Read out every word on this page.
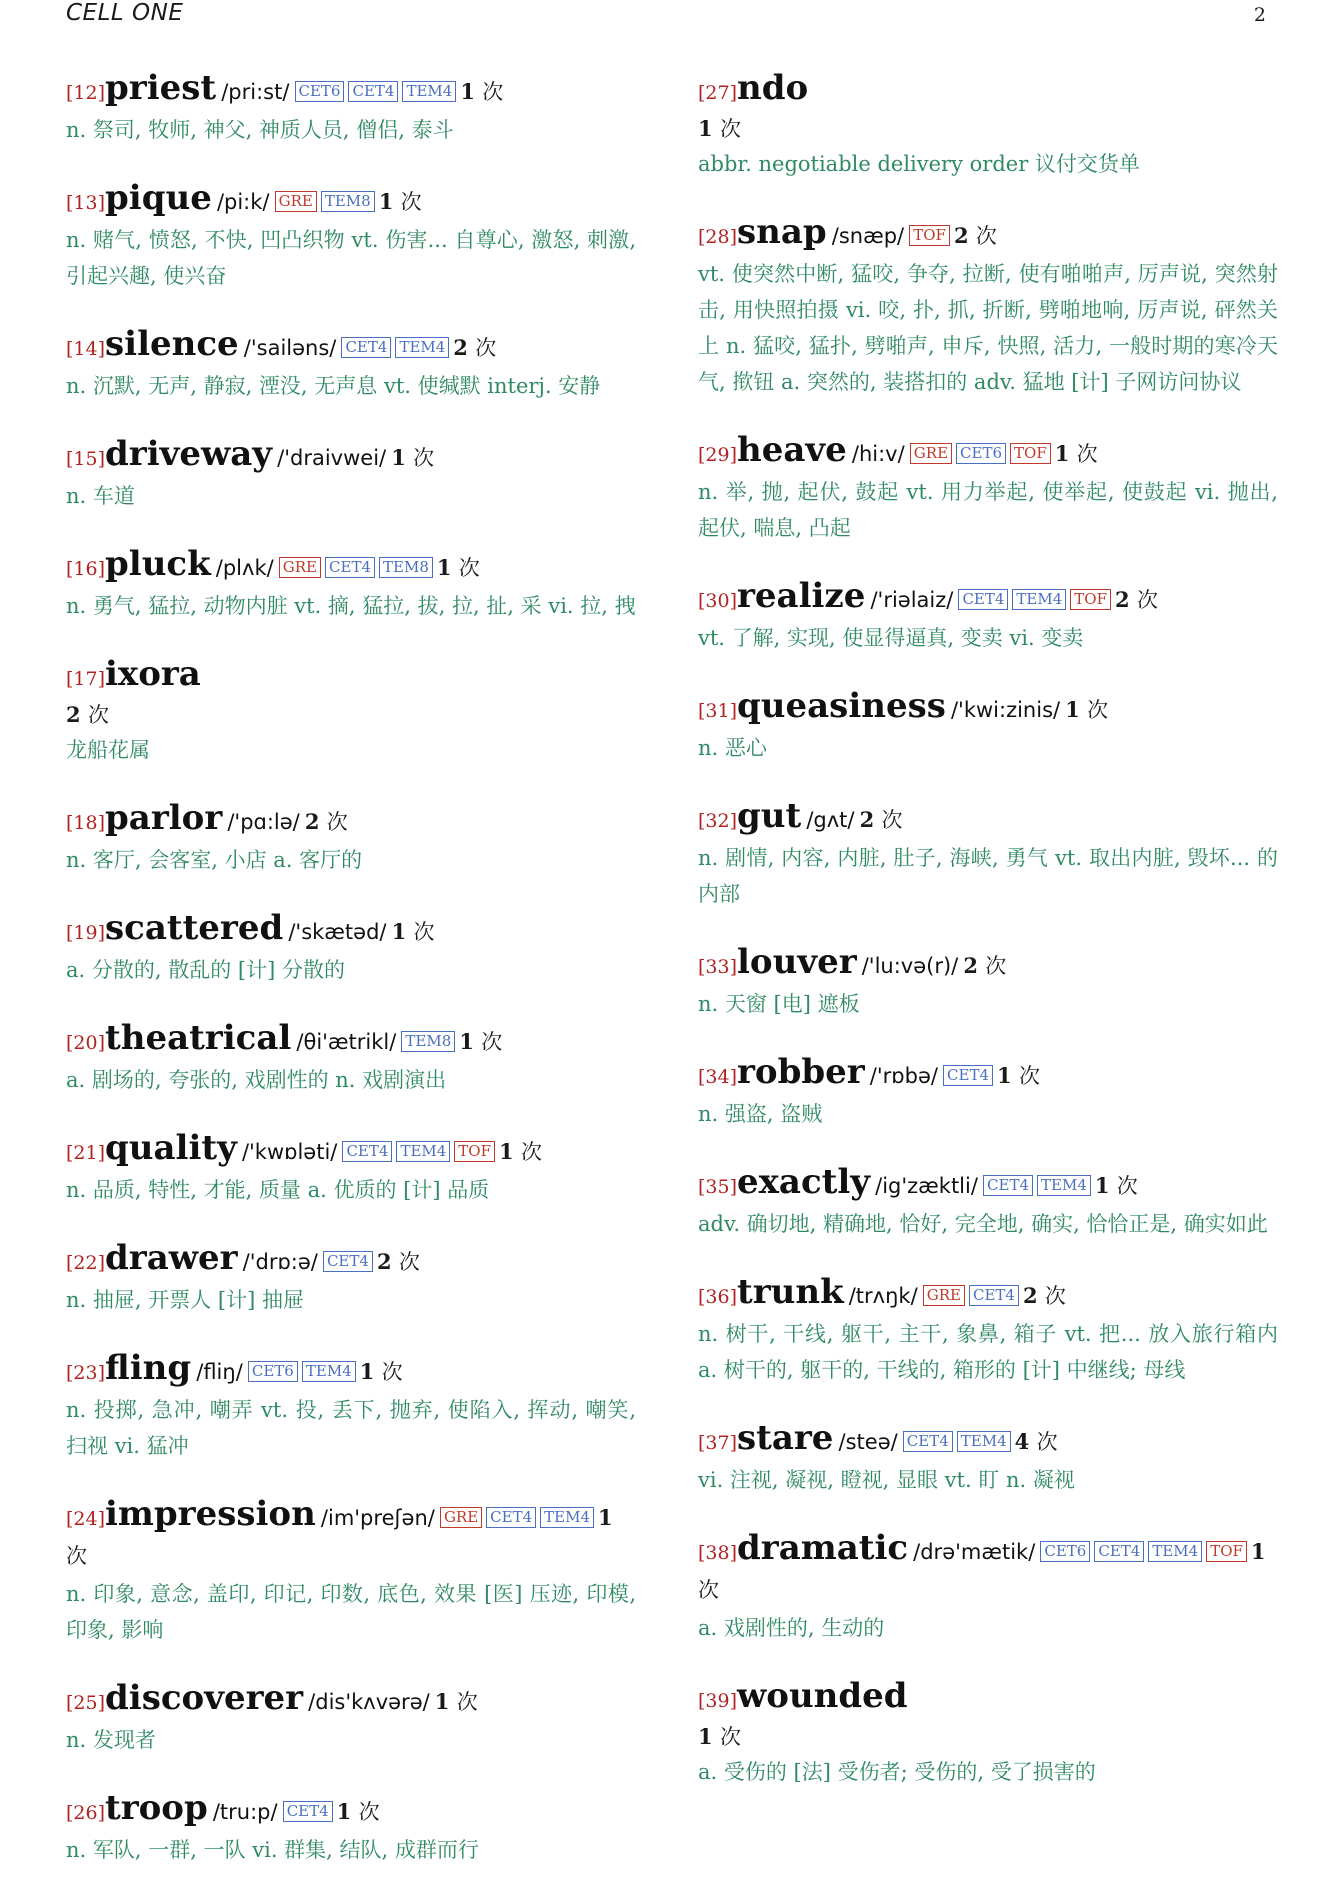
CELL ONE	2
[12]priest /pri:st/ CET6 CET4 TEM4 1 次
n. 祭司, 牧师, 神父, 神质人员, 僧侣, 泰斗
[13]pique /pi:k/ GRE TEM8 1 次
n. 赌气, 愤怒, 不快, 凹凸织物 vt. 伤害... 自尊心, 激怒, 刺激, 引起兴趣, 使兴奋
[14]silence /'sailəns/ CET4 TEM4 2 次
n. 沉默, 无声, 静寂, 湮没, 无声息 vt. 使缄默 interj. 安静
[15]driveway /'draivwei/ 1 次
n. 车道
[16]pluck /plʌk/ GRE CET4 TEM8 1 次
n. 勇气, 猛拉, 动物内脏 vt. 摘, 猛拉, 拔, 拉, 扯, 采 vi. 拉, 拽
[17]ixora
2 次
龙船花属
[18]parlor /'pɑ:lə/ 2 次
n. 客厅, 会客室, 小店 a. 客厅的
[19]scattered /'skætəd/ 1 次
a. 分散的, 散乱的 [计] 分散的
[20]theatrical /θi'ætrikl/ TEM8 1 次
a. 剧场的, 夸张的, 戏剧性的 n. 戏剧演出
[21]quality /'kwɒləti/ CET4 TEM4 TOF 1 次
n. 品质, 特性, 才能, 质量 a. 优质的 [计] 品质
[22]drawer /'drɒ:ə/ CET4 2 次
n. 抽屉, 开票人 [计] 抽屉
[23]fling /fliŋ/ CET6 TEM4 1 次
n. 投掷, 急冲, 嘲弄 vt. 投, 丢下, 抛弃, 使陷入, 挥动, 嘲笑, 扫视 vi. 猛冲
[24]impression /im'preʃən/ GRE CET4 TEM4 1 次
n. 印象, 意念, 盖印, 印记, 印数, 底色, 效果 [医] 压迹, 印模, 印象, 影响
[25]discoverer /dis'kʌvərə/ 1 次
n. 发现者
[26]troop /tru:p/ CET4 1 次
n. 军队, 一群, 一队 vi. 群集, 结队, 成群而行
[27]ndo
1 次
abbr. negotiable delivery order 议付交货单
[28]snap /snæp/ TOF 2 次
vt. 使突然中断, 猛咬, 争夺, 拉断, 使有啪啪声, 厉声说, 突然射击, 用快照拍摄 vi. 咬, 扑, 抓, 折断, 劈啪地响, 厉声说, 砰然关上 n. 猛咬, 猛扑, 劈啪声, 申斥, 快照, 活力, 一般时期的寒冷天气, 揿钮 a. 突然的, 装搭扣的 adv. 猛地 [计] 子网访问协议
[29]heave /hi:v/ GRE CET6 TOF 1 次
n. 举, 抛, 起伏, 鼓起 vt. 用力举起, 使举起, 使鼓起 vi. 抛出, 起伏, 喘息, 凸起
[30]realize /'riəlaiz/ CET4 TEM4 TOF 2 次
vt. 了解, 实现, 使显得逼真, 变卖 vi. 变卖
[31]queasiness /'kwi:zinis/ 1 次
n. 恶心
[32]gut /gʌt/ 2 次
n. 剧情, 内容, 内脏, 肚子, 海峡, 勇气 vt. 取出内脏, 毁坏... 的内部
[33]louver /'lu:və(r)/ 2 次
n. 天窗 [电] 遮板
[34]robber /'rɒbə/ CET4 1 次
n. 强盗, 盗贼
[35]exactly /ig'zæktli/ CET4 TEM4 1 次
adv. 确切地, 精确地, 恰好, 完全地, 确实, 恰恰正是, 确实如此
[36]trunk /trʌŋk/ GRE CET4 2 次
n. 树干, 干线, 躯干, 主干, 象鼻, 箱子 vt. 把... 放入旅行箱内 a. 树干的, 躯干的, 干线的, 箱形的 [计] 中继线; 母线
[37]stare /steə/ CET4 TEM4 4 次
vi. 注视, 凝视, 瞪视, 显眼 vt. 盯 n. 凝视
[38]dramatic /drə'mætik/ CET6 CET4 TEM4 TOF 1 次
a. 戏剧性的, 生动的
[39]wounded
1 次
a. 受伤的 [法] 受伤者; 受伤的, 受了损害的
